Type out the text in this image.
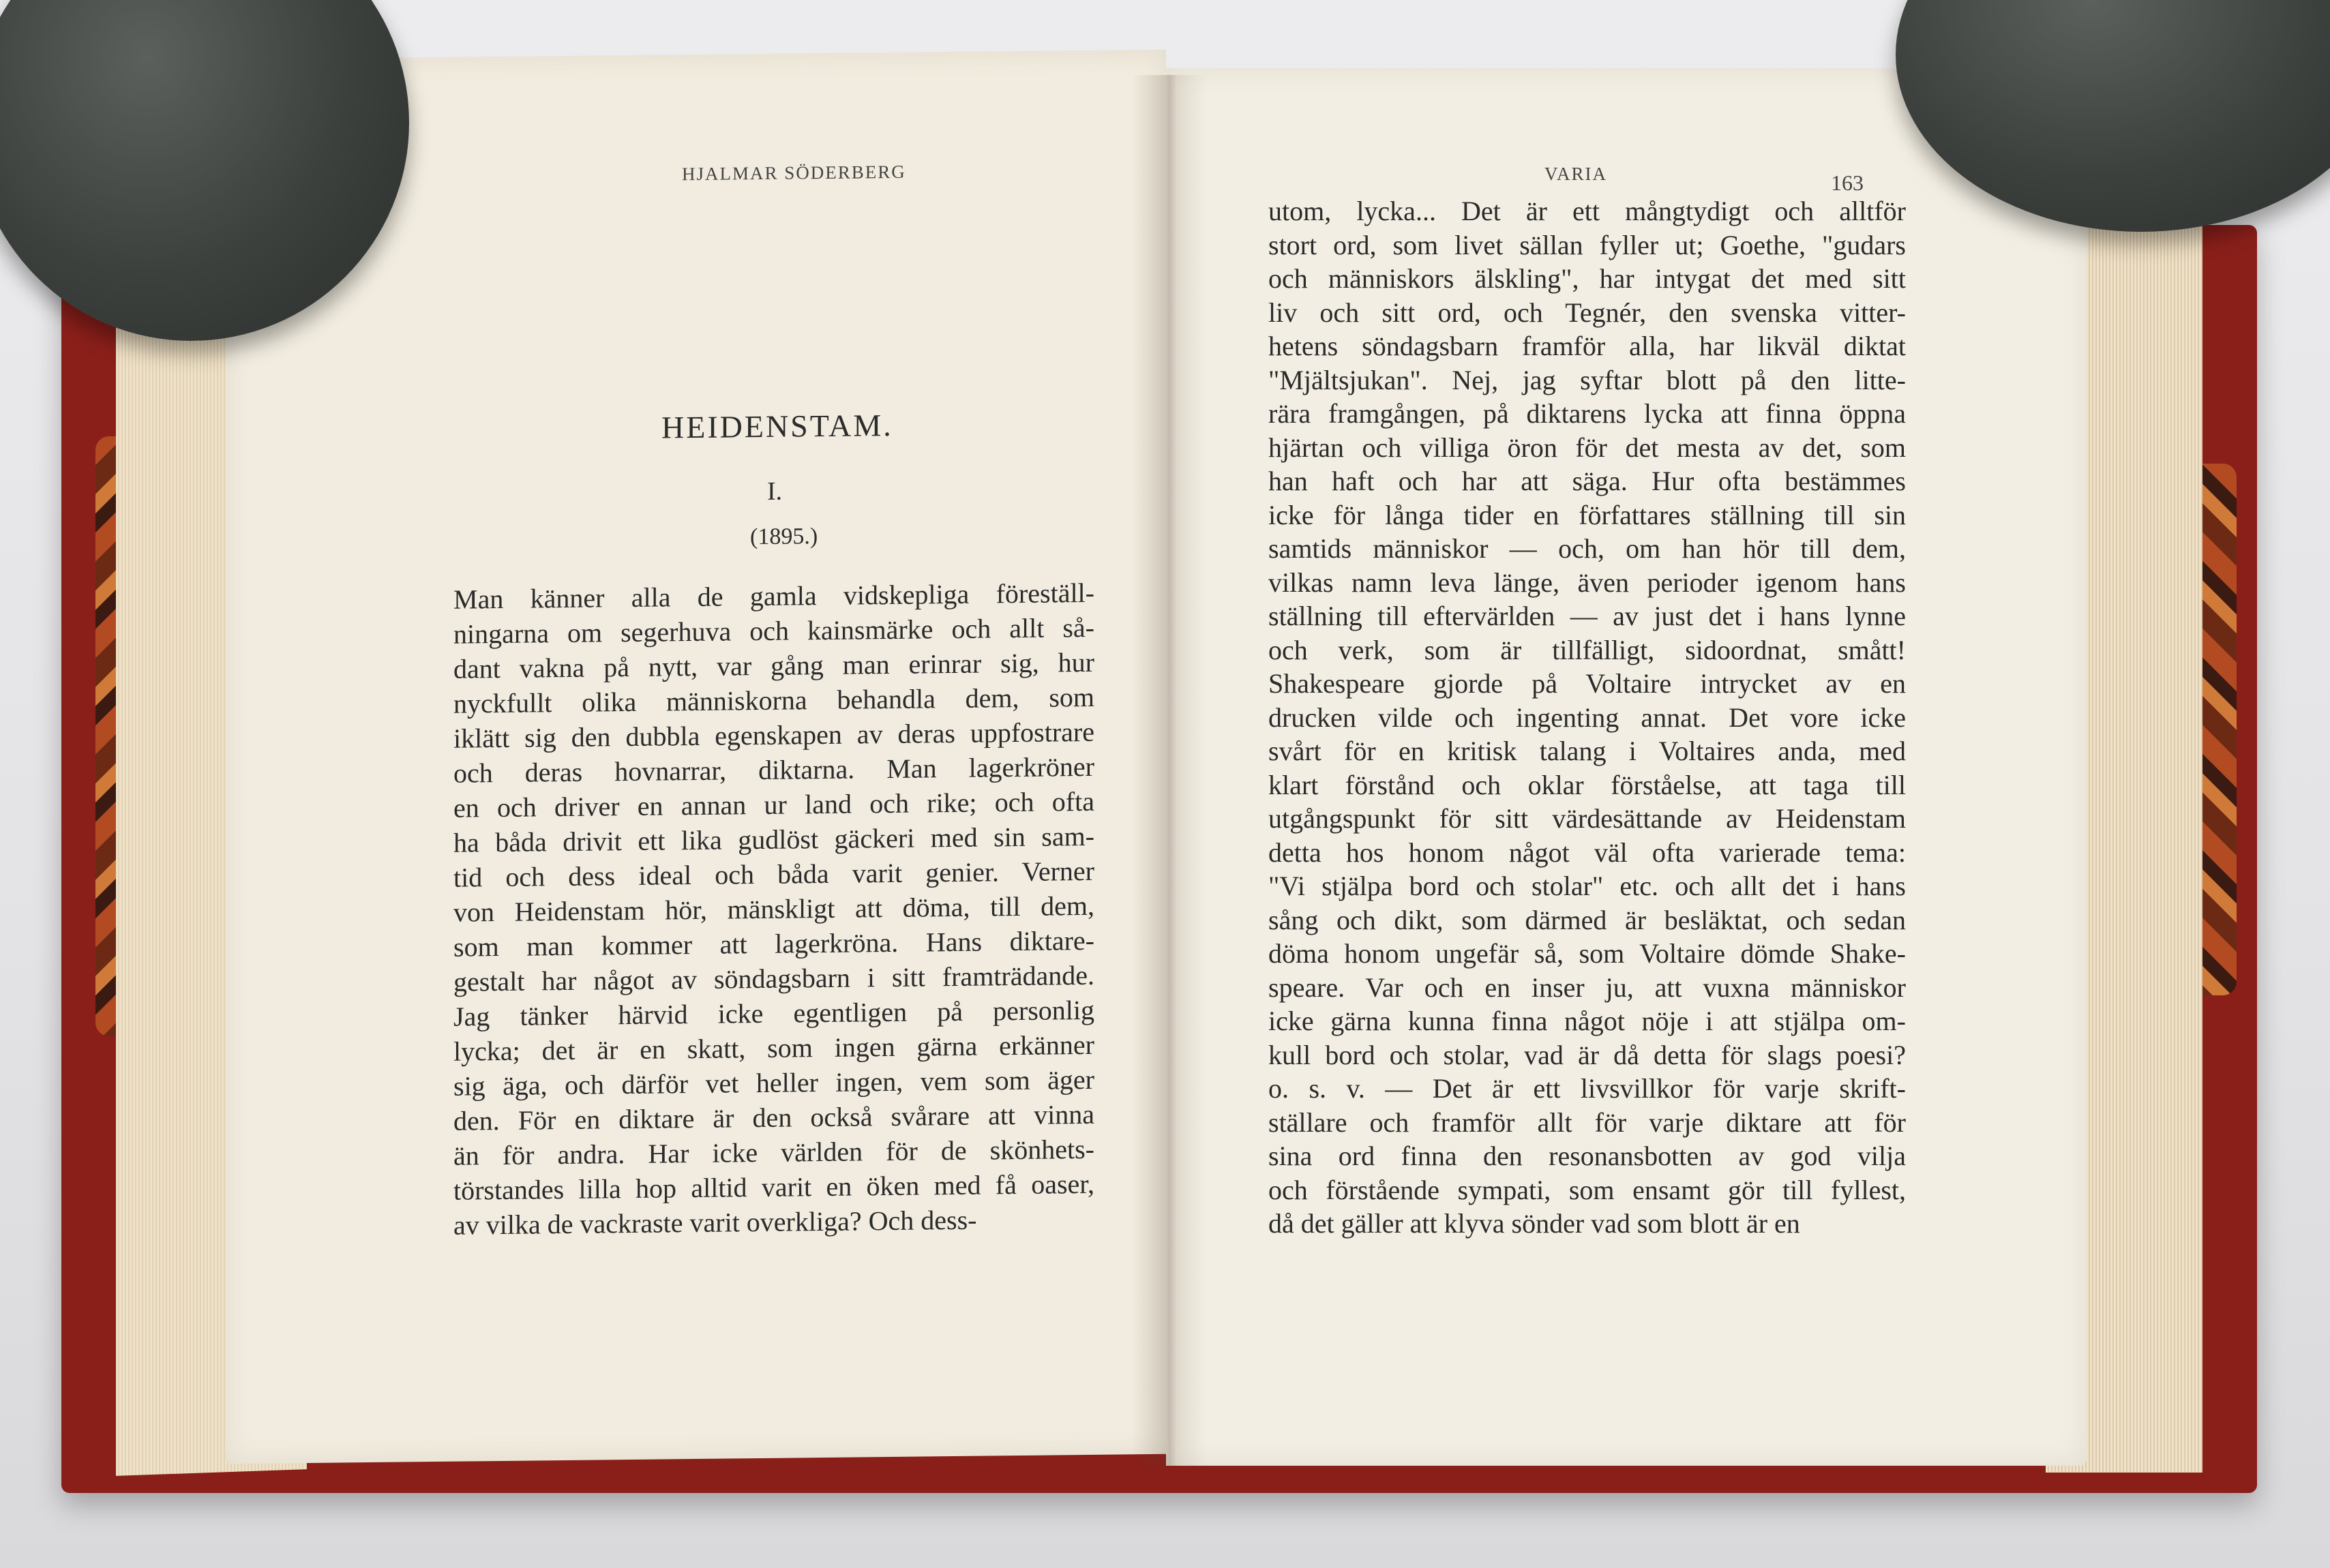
HJALMAR SÖDERBERG
HEIDENSTAM.
I.
(1895.)
Man känner alla de gamla vidskepliga föreställ-
ningarna om segerhuva och kainsmärke och allt så-
dant vakna på nytt, var gång man erinrar sig, hur
nyckfullt olika människorna behandla dem, som
iklätt sig den dubbla egenskapen av deras uppfostrare
och deras hovnarrar, diktarna. Man lagerkröner
en och driver en annan ur land och rike; och ofta
ha båda drivit ett lika gudlöst gäckeri med sin sam-
tid och dess ideal och båda varit genier. Verner
von Heidenstam hör, mänskligt att döma, till dem,
som man kommer att lagerkröna. Hans diktare-
gestalt har något av söndagsbarn i sitt framträdande.
Jag tänker härvid icke egentligen på personlig
lycka; det är en skatt, som ingen gärna erkänner
sig äga, och därför vet heller ingen, vem som äger
den. För en diktare är den också svårare att vinna
än för andra. Har icke världen för de skönhets-
törstandes lilla hop alltid varit en öken med få oaser,
av vilka de vackraste varit overkliga? Och dess-
VARIA	163
utom, lycka... Det är ett mångtydigt och alltför
stort ord, som livet sällan fyller ut; Goethe, "gudars
och människors älskling", har intygat det med sitt
liv och sitt ord, och Tegnér, den svenska vitter-
hetens söndagsbarn framför alla, har likväl diktat
"Mjältsjukan". Nej, jag syftar blott på den litte-
rära framgången, på diktarens lycka att finna öppna
hjärtan och villiga öron för det mesta av det, som
han haft och har att säga. Hur ofta bestämmes
icke för långa tider en författares ställning till sin
samtids människor — och, om han hör till dem,
vilkas namn leva länge, även perioder igenom hans
ställning till eftervärlden — av just det i hans lynne
och verk, som är tillfälligt, sidoordnat, smått!
Shakespeare gjorde på Voltaire intrycket av en
drucken vilde och ingenting annat. Det vore icke
svårt för en kritisk talang i Voltaires anda, med
klart förstånd och oklar förståelse, att taga till
utgångspunkt för sitt värdesättande av Heidenstam
detta hos honom något väl ofta varierade tema:
"Vi stjälpa bord och stolar" etc. och allt det i hans
sång och dikt, som därmed är besläktat, och sedan
döma honom ungefär så, som Voltaire dömde Shake-
speare. Var och en inser ju, att vuxna människor
icke gärna kunna finna något nöje i att stjälpa om-
kull bord och stolar, vad är då detta för slags poesi?
o. s. v. — Det är ett livsvillkor för varje skrift-
ställare och framför allt för varje diktare att för
sina ord finna den resonansbotten av god vilja
och förstående sympati, som ensamt gör till fyllest,
då det gäller att klyva sönder vad som blott är en
